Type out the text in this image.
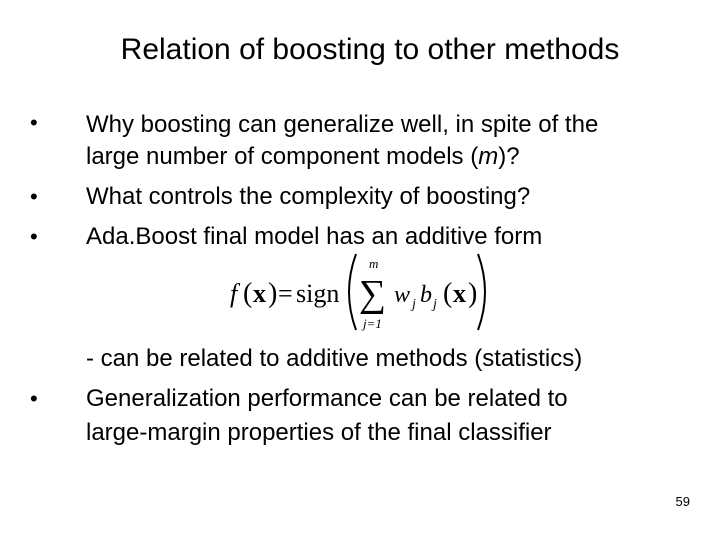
Relation of boosting to other methods
• Why boosting can generalize well, in spite of the
large number of component models (m)?
• What controls the complexity of boosting?
• Ada.Boost final model has an additive form
f ( x ) = sign
m
∑
j=1
w j b j ( x )
- can be related to additive methods (statistics)
• Generalization performance can be related to
large-margin properties of the final classifier
59
